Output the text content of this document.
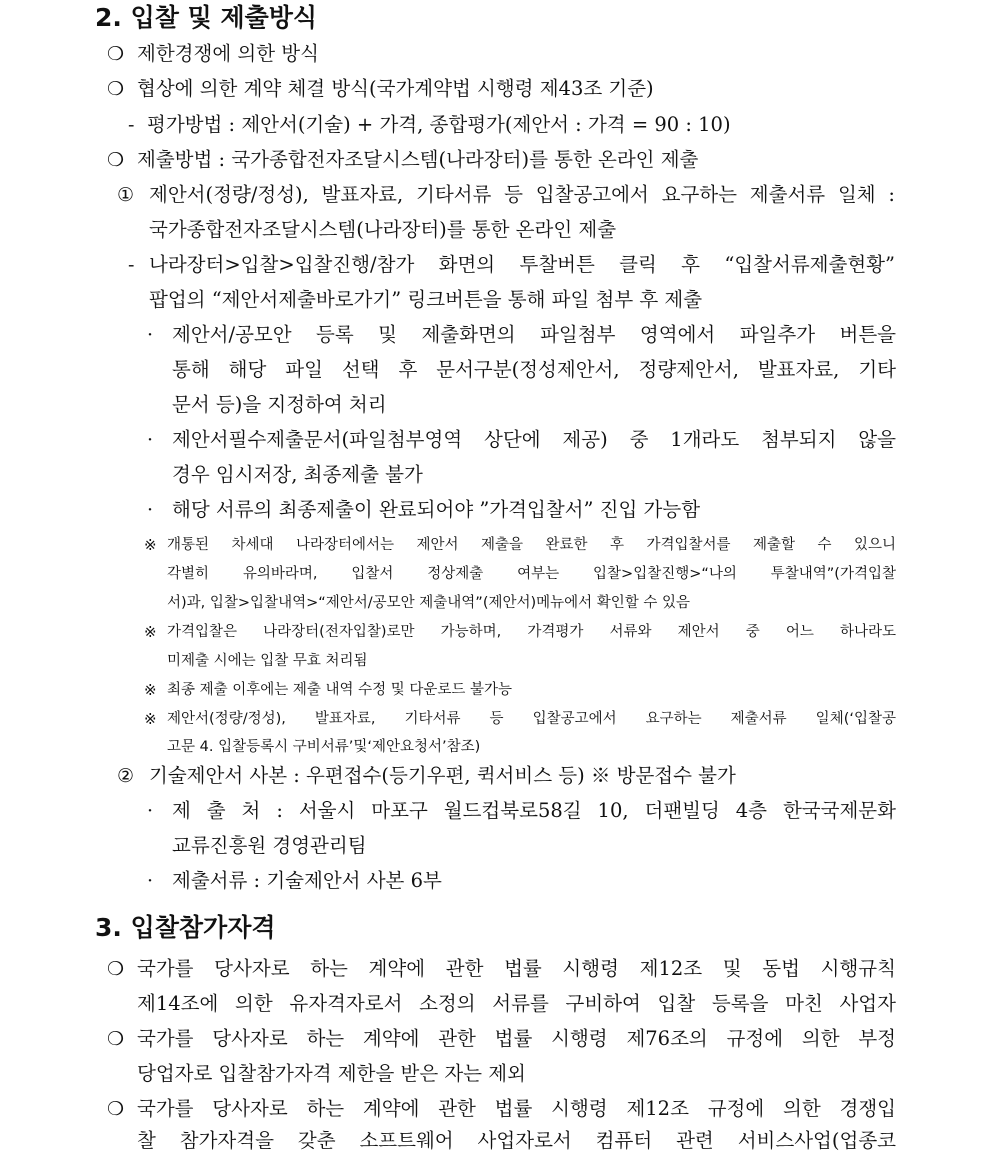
2. 입찰 및 제출방식
❍ 제한경쟁에 의한 방식

❍ 협상에 의한 계약 체결 방식(국가계약법 시행령 제43조 기준)

- 평가방법 : 제안서(기술) + 가격, 종합평가(제안서 : 가격 = 90 : 10)

❍ 제출방법 : 국가종합전자조달시스템(나라장터)를 통한 온라인 제출

① 제안서(정량/정성), 발표자료, 기타서류 등 입찰공고에서 요구하는 제출서류 일체 :

국가종합전자조달시스템(나라장터)를 통한 온라인 제출

- 나라장터>입찰>입찰진행/참가 화면의 투찰버튼 클릭 후 “입찰서류제출현황”

팝업의 “제안서제출바로가기” 링크버튼을 통해 파일 첨부 후 제출

· 제안서/공모안 등록 및 제출화면의 파일첨부 영역에서 파일추가 버튼을

통해 해당 파일 선택 후 문서구분(정성제안서, 정량제안서, 발표자료, 기타

문서 등)을 지정하여 처리

· 제안서필수제출문서(파일첨부영역 상단에 제공) 중 1개라도 첨부되지 않을

경우 임시저장, 최종제출 불가

· 해당 서류의 최종제출이 완료되어야 ”가격입찰서” 진입 가능함

※ 개통된 차세대 나라장터에서는 제안서 제출을 완료한 후 가격입찰서를 제출할 수 있으니

각별히 유의바라며, 입찰서 정상제출 여부는 입찰>입찰진행>“나의 투찰내역”(가격입찰

서)과, 입찰>입찰내역>“제안서/공모안 제출내역”(제안서)메뉴에서 확인할 수 있음

※ 가격입찰은 나라장터(전자입찰)로만 가능하며, 가격평가 서류와 제안서 중 어느 하나라도

미제출 시에는 입찰 무효 처리됨

※ 최종 제출 이후에는 제출 내역 수정 및 다운로드 불가능

※ 제안서(정량/정성), 발표자료, 기타서류 등 입찰공고에서 요구하는 제출서류 일체(‘입찰공

고문 4. 입찰등록시 구비서류’및‘제안요청서’참조)

② 기술제안서 사본 : 우편접수(등기우편, 퀵서비스 등) ※ 방문접수 불가

· 제 출 처 : 서울시 마포구 월드컵북로58길 10, 더팬빌딩 4층 한국국제문화

교류진흥원 경영관리팀

· 제출서류 : 기술제안서 사본 6부

3. 입찰참가자격
❍ 국가를 당사자로 하는 계약에 관한 법률 시행령 제12조 및 동법 시행규칙

제14조에 의한 유자격자로서 소정의 서류를 구비하여 입찰 등록을 마친 사업자

❍ 국가를 당사자로 하는 계약에 관한 법률 시행령 제76조의 규정에 의한 부정

당업자로 입찰참가자격 제한을 받은 자는 제외

❍ 국가를 당사자로 하는 계약에 관한 법률 시행령 제12조 규정에 의한 경쟁입

찰 참가자격을 갖춘 소프트웨어 사업자로서 컴퓨터 관련 서비스사업(업종코
